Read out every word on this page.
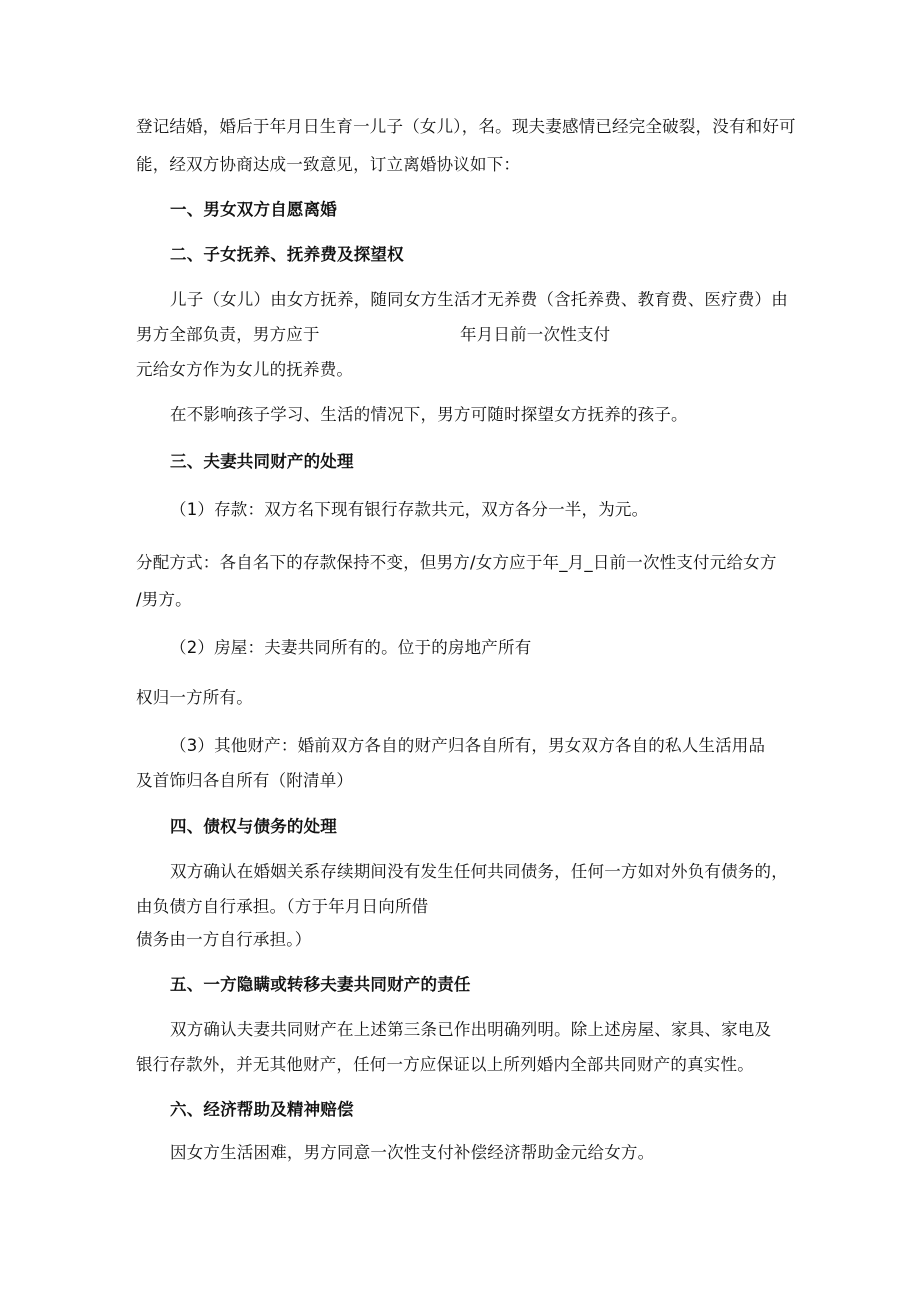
登记结婚，婚后于年月日生育一儿子（女儿），名。现夫妻感情已经完全破裂，没有和好可
能，经双方协商达成一致意见，订立离婚协议如下：
一、男女双方自愿离婚
二、子女抚养、抚养费及探望权
儿子（女儿）由女方抚养，随同女方生活才无养费（含托养费、教育费、医疗费）由
男方全部负责，男方应于	年月日前一次性支付
元给女方作为女儿的抚养费。
在不影响孩子学习、生活的情况下，男方可随时探望女方抚养的孩子。
三、夫妻共同财产的处理
（1）存款：双方名下现有银行存款共元，双方各分一半，为元。
分配方式：各自名下的存款保持不变，但男方/女方应于年_月_日前一次性支付元给女方
/男方。
（2）房屋：夫妻共同所有的。位于的房地产所有
权归一方所有。
（3）其他财产：婚前双方各自的财产归各自所有，男女双方各自的私人生活用品
及首饰归各自所有（附清单）
四、债权与债务的处理
双方确认在婚姻关系存续期间没有发生任何共同债务，任何一方如对外负有债务的，
由负债方自行承担。（方于年月日向所借
债务由一方自行承担。）
五、一方隐瞒或转移夫妻共同财产的责任
双方确认夫妻共同财产在上述第三条已作出明确列明。除上述房屋、家具、家电及
银行存款外，并无其他财产，任何一方应保证以上所列婚内全部共同财产的真实性。
六、经济帮助及精神赔偿
因女方生活困难，男方同意一次性支付补偿经济帮助金元给女方。
